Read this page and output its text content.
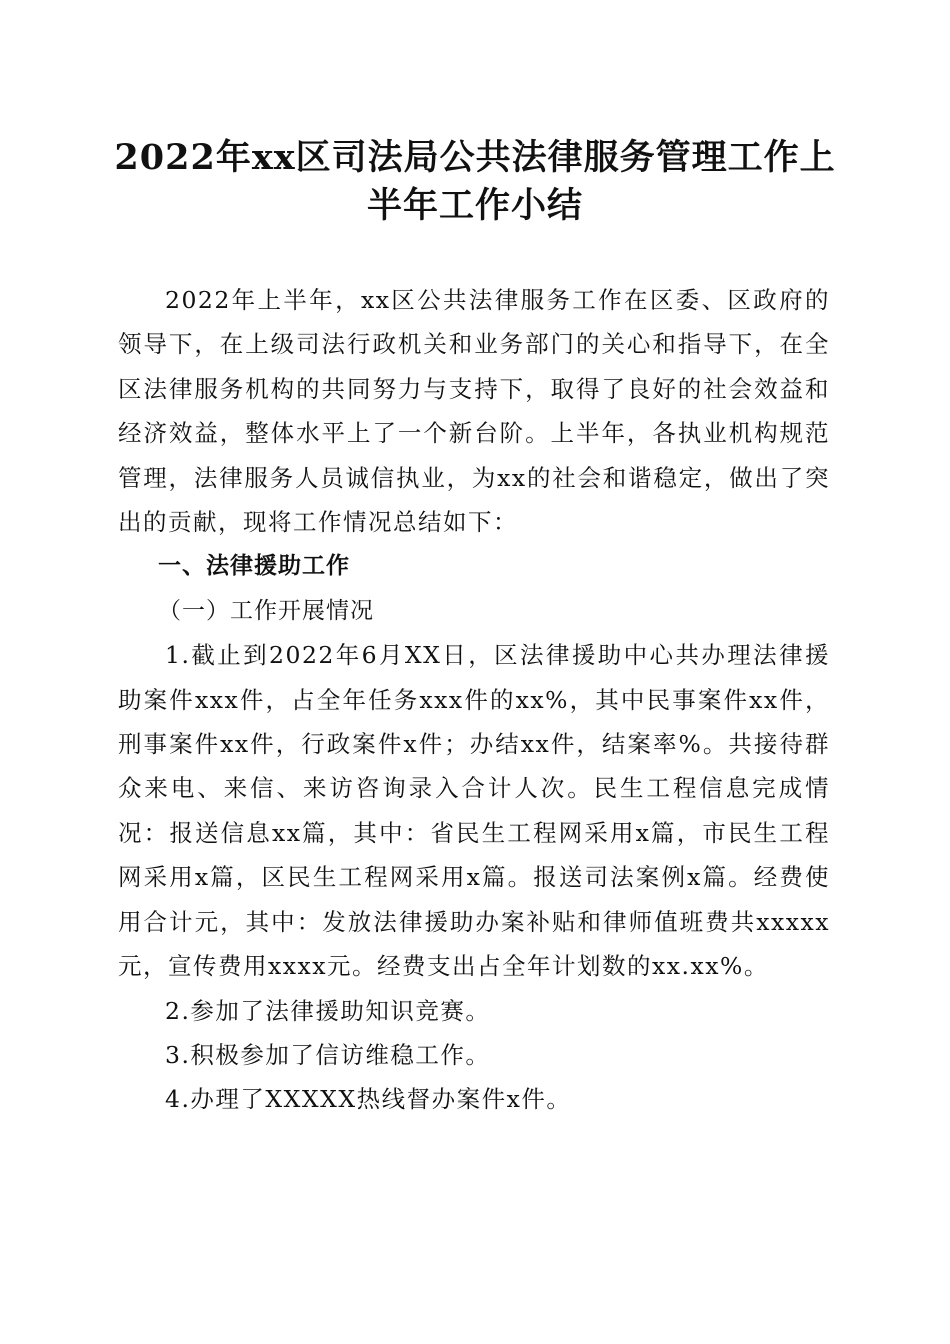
2022年xx区司法局公共法律服务管理工作上
半年工作小结

2022年上半年，xx区公共法律服务工作在区委、区政府的领导下，在上级司法行政机关和业务部门的关心和指导下，在全区法律服务机构的共同努力与支持下，取得了良好的社会效益和经济效益，整体水平上了一个新台阶。上半年，各执业机构规范管理，法律服务人员诚信执业，为xx的社会和谐稳定，做出了突出的贡献，现将工作情况总结如下：

一、法律援助工作

（一）工作开展情况

1.截止到2022年6月XX日，区法律援助中心共办理法律援助案件xxx件，占全年任务xxx件的xx%，其中民事案件xx件，刑事案件xx件，行政案件x件；办结xx件，结案率%。共接待群众来电、来信、来访咨询录入合计人次。民生工程信息完成情况：报送信息xx篇，其中：省民生工程网采用x篇，市民生工程网采用x篇，区民生工程网采用x篇。报送司法案例x篇。经费使用合计元，其中：发放法律援助办案补贴和律师值班费共xxxxx元，宣传费用xxxx元。经费支出占全年计划数的xx.xx%。

2.参加了法律援助知识竞赛。

3.积极参加了信访维稳工作。

4.办理了XXXXX热线督办案件x件。
